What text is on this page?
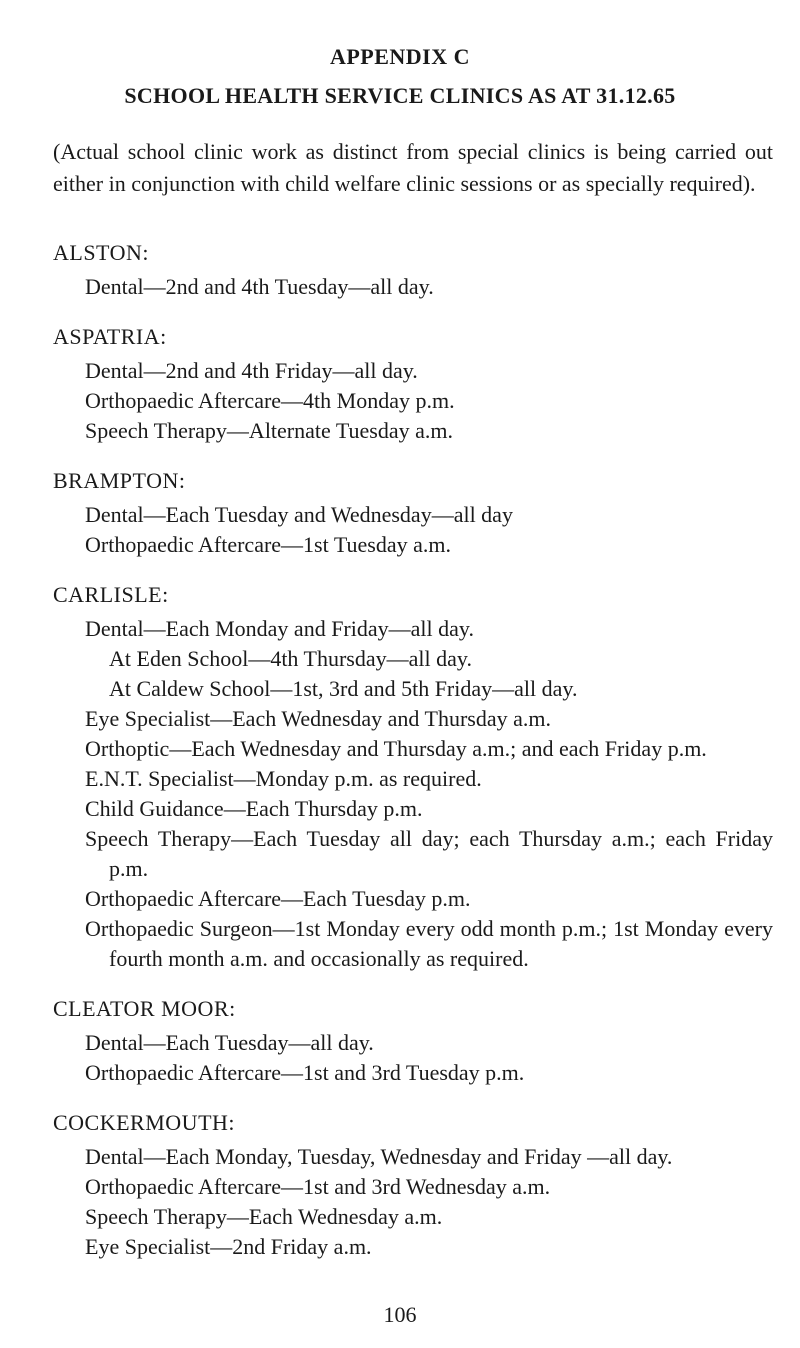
APPENDIX C
SCHOOL HEALTH SERVICE CLINICS AS AT 31.12.65
(Actual school clinic work as distinct from special clinics is being carried out either in conjunction with child welfare clinic sessions or as specially required).
ALSTON:
Dental—2nd and 4th Tuesday—all day.
ASPATRIA:
Dental—2nd and 4th Friday—all day.
Orthopaedic Aftercare—4th Monday p.m.
Speech Therapy—Alternate Tuesday a.m.
BRAMPTON:
Dental—Each Tuesday and Wednesday—all day
Orthopaedic Aftercare—1st Tuesday a.m.
CARLISLE:
Dental—Each Monday and Friday—all day.
At Eden School—4th Thursday—all day.
At Caldew School—1st, 3rd and 5th Friday—all day.
Eye Specialist—Each Wednesday and Thursday a.m.
Orthoptic—Each Wednesday and Thursday a.m.; and each Friday p.m.
E.N.T. Specialist—Monday p.m. as required.
Child Guidance—Each Thursday p.m.
Speech Therapy—Each Tuesday all day; each Thursday a.m.; each Friday p.m.
Orthopaedic Aftercare—Each Tuesday p.m.
Orthopaedic Surgeon—1st Monday every odd month p.m.; 1st Monday every fourth month a.m. and occasionally as required.
CLEATOR MOOR:
Dental—Each Tuesday—all day.
Orthopaedic Aftercare—1st and 3rd Tuesday p.m.
COCKERMOUTH:
Dental—Each Monday, Tuesday, Wednesday and Friday —all day.
Orthopaedic Aftercare—1st and 3rd Wednesday a.m.
Speech Therapy—Each Wednesday a.m.
Eye Specialist—2nd Friday a.m.
106
